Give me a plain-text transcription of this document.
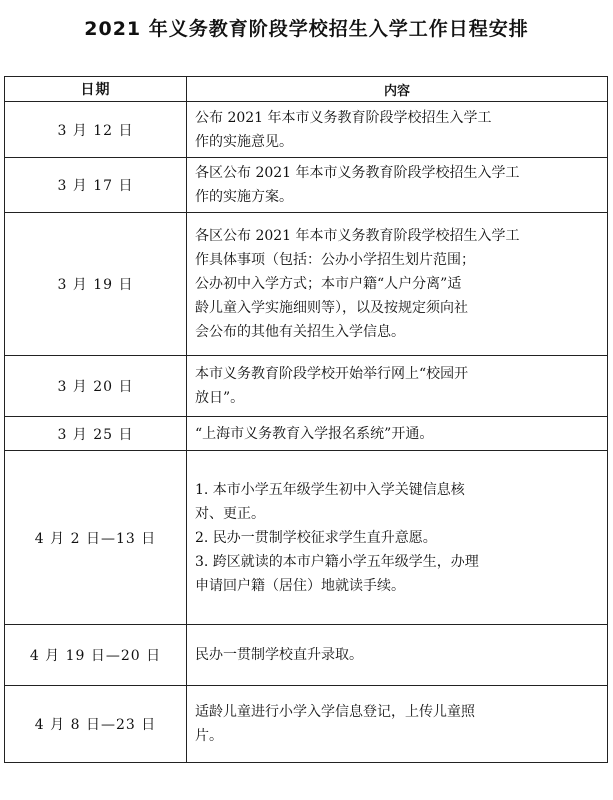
2021 年义务教育阶段学校招生入学工作日程安排
日期	内容
3 月 12 日	公布 2021 年本市义务教育阶段学校招生入学工
作的实施意见。

3 月 17 日	各区公布 2021 年本市义务教育阶段学校招生入学工
作的实施方案。

3 月 19 日	各区公布 2021 年本市义务教育阶段学校招生入学工
作具体事项（包括：公办小学招生划片范围；
公办初中入学方式；本市户籍“人户分离”适
龄儿童入学实施细则等），以及按规定须向社
会公布的其他有关招生入学信息。

3 月 20 日	本市义务教育阶段学校开始举行网上“校园开
放日”。

3 月 25 日	“上海市义务教育入学报名系统”开通。

4 月 2 日—13 日	1. 本市小学五年级学生初中入学关键信息核
对、更正。
2. 民办一贯制学校征求学生直升意愿。
3. 跨区就读的本市户籍小学五年级学生，办理
申请回户籍（居住）地就读手续。

4 月 19 日—20 日	民办一贯制学校直升录取。

4 月 8 日—23 日	适龄儿童进行小学入学信息登记，上传儿童照
片。
